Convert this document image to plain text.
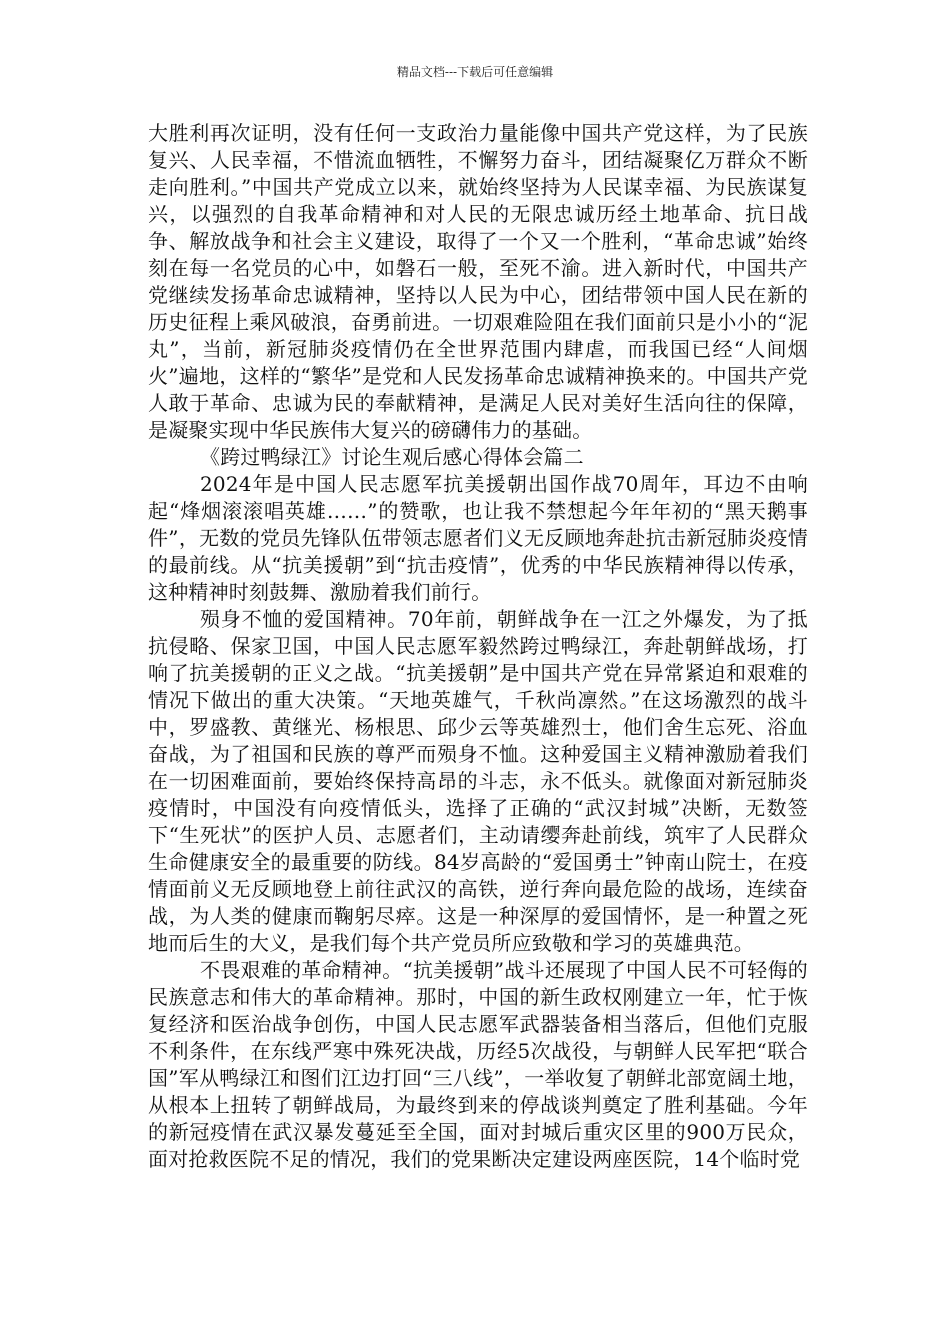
精品文档---下载后可任意编辑

大胜利再次证明，没有任何一支政治力量能像中国共产党这样，为了民族复兴、人民幸福，不惜流血牺牲，不懈努力奋斗，团结凝聚亿万群众不断走向胜利。”中国共产党成立以来，就始终坚持为人民谋幸福、为民族谋复兴，以强烈的自我革命精神和对人民的无限忠诚历经土地革命、抗日战争、解放战争和社会主义建设，取得了一个又一个胜利，“革命忠诚”始终刻在每一名党员的心中，如磐石一般，至死不渝。进入新时代，中国共产党继续发扬革命忠诚精神，坚持以人民为中心，团结带领中国人民在新的历史征程上乘风破浪，奋勇前进。一切艰难险阻在我们面前只是小小的“泥丸”，当前，新冠肺炎疫情仍在全世界范围内肆虐，而我国已经“人间烟火”遍地，这样的“繁华”是党和人民发扬革命忠诚精神换来的。中国共产党人敢于革命、忠诚为民的奉献精神，是满足人民对美好生活向往的保障，是凝聚实现中华民族伟大复兴的磅礴伟力的基础。

《跨过鸭绿江》讨论生观后感心得体会篇二

2024年是中国人民志愿军抗美援朝出国作战70周年，耳边不由响起“烽烟滚滚唱英雄……”的赞歌，也让我不禁想起今年年初的“黑天鹅事件”，无数的党员先锋队伍带领志愿者们义无反顾地奔赴抗击新冠肺炎疫情的最前线。从“抗美援朝”到“抗击疫情”，优秀的中华民族精神得以传承，这种精神时刻鼓舞、激励着我们前行。

殒身不恤的爱国精神。70年前，朝鲜战争在一江之外爆发，为了抵抗侵略、保家卫国，中国人民志愿军毅然跨过鸭绿江，奔赴朝鲜战场，打响了抗美援朝的正义之战。“抗美援朝”是中国共产党在异常紧迫和艰难的情况下做出的重大决策。“天地英雄气，千秋尚凛然。”在这场激烈的战斗中，罗盛教、黄继光、杨根思、邱少云等英雄烈士，他们舍生忘死、浴血奋战，为了祖国和民族的尊严而殒身不恤。这种爱国主义精神激励着我们在一切困难面前，要始终保持高昂的斗志，永不低头。就像面对新冠肺炎疫情时，中国没有向疫情低头，选择了正确的“武汉封城”决断，无数签下“生死状”的医护人员、志愿者们，主动请缨奔赴前线，筑牢了人民群众生命健康安全的最重要的防线。84岁高龄的“爱国勇士”钟南山院士，在疫情面前义无反顾地登上前往武汉的高铁，逆行奔向最危险的战场，连续奋战，为人类的健康而鞠躬尽瘁。这是一种深厚的爱国情怀，是一种置之死地而后生的大义，是我们每个共产党员所应致敬和学习的英雄典范。

不畏艰难的革命精神。“抗美援朝”战斗还展现了中国人民不可轻侮的民族意志和伟大的革命精神。那时，中国的新生政权刚建立一年，忙于恢复经济和医治战争创伤，中国人民志愿军武器装备相当落后，但他们克服不利条件，在东线严寒中殊死决战，历经5次战役，与朝鲜人民军把“联合国”军从鸭绿江和图们江边打回“三八线”，一举收复了朝鲜北部宽阔土地，从根本上扭转了朝鲜战局，为最终到来的停战谈判奠定了胜利基础。今年的新冠疫情在武汉暴发蔓延至全国，面对封城后重灾区里的900万民众，面对抢救医院不足的情况，我们的党果断决定建设两座医院，14个临时党
